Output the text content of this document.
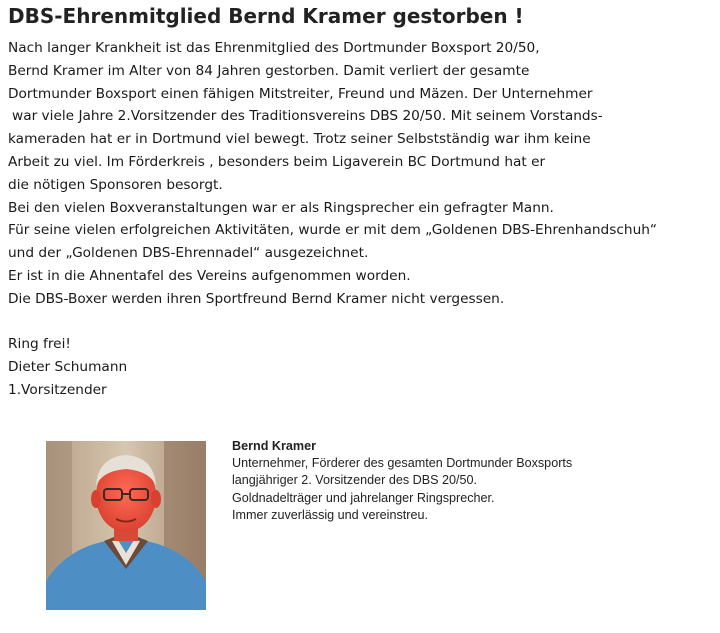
DBS-Ehrenmitglied Bernd Kramer gestorben !
Nach langer Krankheit ist das Ehrenmitglied des Dortmunder Boxsport 20/50,
Bernd Kramer im Alter von 84 Jahren gestorben. Damit verliert der gesamte
Dortmunder Boxsport einen fähigen Mitstreiter, Freund und Mäzen. Der Unternehmer
war viele Jahre 2.Vorsitzender des Traditionsvereins DBS 20/50. Mit seinem Vorstands-
kameraden hat er in Dortmund viel bewegt. Trotz seiner Selbstständig war ihm keine
Arbeit zu viel. Im Förderkreis , besonders beim Ligaverein BC Dortmund hat er
die nötigen Sponsoren besorgt.
Bei den vielen Boxveranstaltungen war er als Ringsprecher ein gefragter Mann.
Für seine vielen erfolgreichen Aktivitäten, wurde er mit dem „Goldenen DBS-Ehrenhandschuh“
und der „Goldenen DBS-Ehrennadel“ ausgezeichnet.
Er ist in die Ahnentafel des Vereins aufgenommen worden.
Die DBS-Boxer werden ihren Sportfreund Bernd Kramer nicht vergessen.
Ring frei!
Dieter Schumann
1.Vorsitzender
Bernd Kramer
Unternehmer, Förderer des gesamten Dortmunder Boxsports
langjähriger 2. Vorsitzender des DBS 20/50.
Goldnadelträger und jahrelanger Ringsprecher.
Immer zuverlässig und vereinstreu.
